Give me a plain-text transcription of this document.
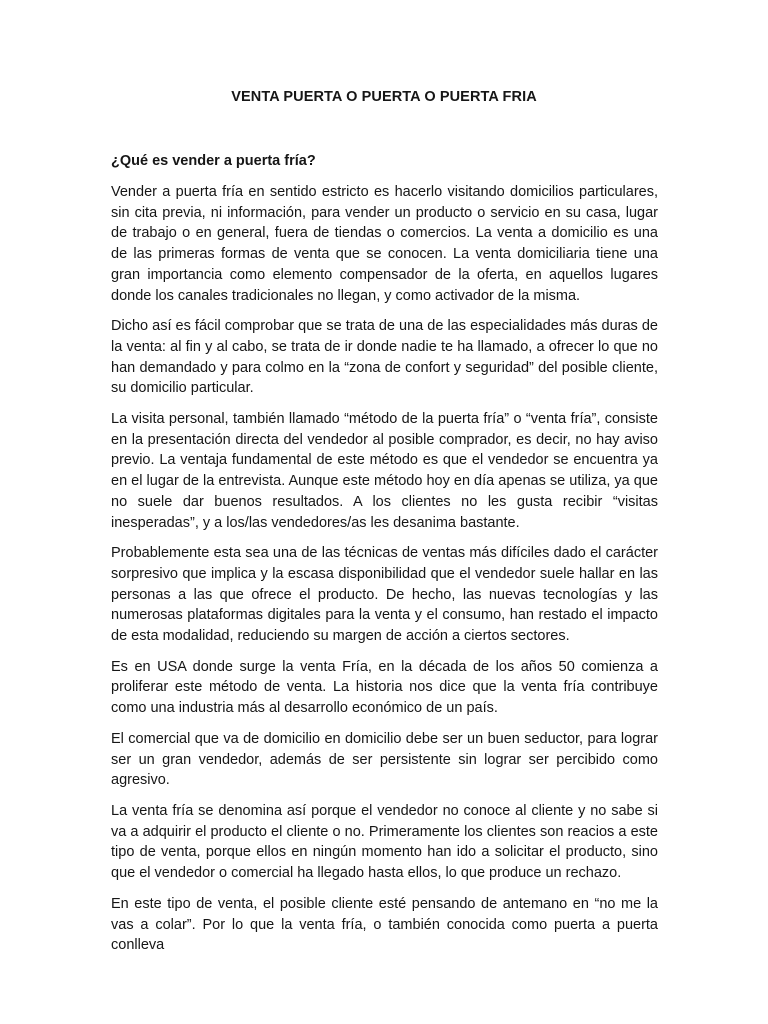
VENTA PUERTA O PUERTA O PUERTA FRIA
¿Qué es vender a puerta fría?

Vender a puerta fría en sentido estricto es hacerlo visitando domicilios particulares, sin cita previa, ni información, para vender un producto o servicio en su casa, lugar de trabajo o en general, fuera de tiendas o comercios. La venta a domicilio es una de las primeras formas de venta que se conocen. La venta domiciliaria tiene una gran importancia como elemento compensador de la oferta, en aquellos lugares donde los canales tradicionales no llegan, y como activador de la misma.

Dicho así es fácil comprobar que se trata de una de las especialidades más duras de la venta: al fin y al cabo, se trata de ir donde nadie te ha llamado, a ofrecer lo que no han demandado y para colmo en la “zona de confort y seguridad” del posible cliente, su domicilio particular.

La visita personal, también llamado “método de la puerta fría” o “venta fría”, consiste en la presentación directa del vendedor al posible comprador, es decir, no hay aviso previo. La ventaja fundamental de este método es que el vendedor se encuentra ya en el lugar de la entrevista. Aunque este método hoy en día apenas se utiliza, ya que no suele dar buenos resultados. A los clientes no les gusta recibir “visitas inesperadas”, y a los/las vendedores/as les desanima bastante.

Probablemente esta sea una de las técnicas de ventas más difíciles dado el carácter sorpresivo que implica y la escasa disponibilidad que el vendedor suele hallar en las personas a las que ofrece el producto. De hecho, las nuevas tecnologías y las numerosas plataformas digitales para la venta y el consumo, han restado el impacto de esta modalidad, reduciendo su margen de acción a ciertos sectores.

Es en USA donde surge la venta Fría, en la década de los años 50 comienza a proliferar este método de venta. La historia nos dice que la venta fría contribuye como una industria más al desarrollo económico de un país.

El comercial que va de domicilio en domicilio debe ser un buen seductor, para lograr ser un gran vendedor, además de ser persistente sin lograr ser percibido como agresivo.

La venta fría se denomina así porque el vendedor no conoce al cliente y no sabe si va a adquirir el producto el cliente o no. Primeramente los clientes son reacios a este tipo de venta, porque ellos en ningún momento han ido a solicitar el producto, sino que el vendedor o comercial ha llegado hasta ellos, lo que produce un rechazo.

En este tipo de venta, el posible cliente esté pensando de antemano en “no me la vas a colar”. Por lo que la venta fría, o también conocida como puerta a puerta conlleva
